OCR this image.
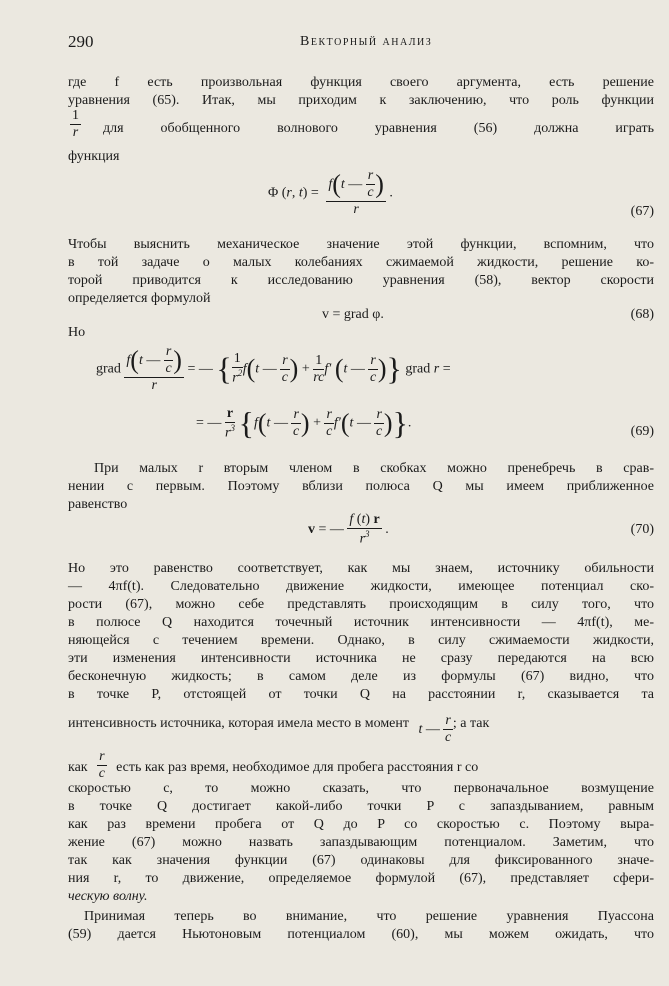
290	Векторный анализ
где f есть произвольная функция своего аргумента, есть решение
уравнения (65). Итак, мы приходим к заключению, что роль функции
$\frac{1}{r}$ для обобщенного волнового уравнения (56) должна играть
функция
Φ (r, $t) = \frac{f(t — \frac{r}{c} )}{r}$ .
(67)
Чтобы выяснить механическое значение этой функции, вспомним, что
в той задаче о малых колебаниях сжимаемой жидкости, решение ко-
торой приводится к исследованию уравнения (58), вектор скорости
определяется формулой
v = grad φ.	(68)
Но
grad $\frac{f(t — \frac{r}{c} )}{r}$ = — { $\frac{1}{r^2} f(t$ — $\frac{r}{c}$ ) + $\frac{1}{rc} f'$ (t — $\frac{r}{c}$ )} grad r =
= — $\frac{r}{r^3} \{f(t$ — $\frac{r}{c}$ ) + $\frac{r}{c} f'(t$ — $\frac{r}{c}$ )}.
(69)
При малых r вторым членом в скобках можно пренебречь в срав-
нении с первым. Поэтому вблизи полюса Q мы имеем приближенное
равенство
v = — $\frac{f (t) r}{r^3}$ .	(70)
Но это равенство соответствует, как мы знаем, источнику обильности
— 4πf(t). Следовательно движение жидкости, имеющее потенциал ско-
рости (67), можно себе представлять происходящим в силу того, что
в полюсе Q находится точечный источник интенсивности — 4πf(t), ме-
няющейся с течением времени. Однако, в силу сжимаемости жидкости,
эти изменения интенсивности источника не сразу передаются на всю
бесконечную жидкость; в самом деле из формулы (67) видно, что
в точке P, отстоящей от точки Q на расстоянии r, сказывается та
интенсивность источника, которая имела место в момент t — $\frac{r}{c}$ ; а так
как $\frac{r}{c}$ есть как раз время, необходимое для пробега расстояния r со
скоростью c, то можно сказать, что первоначальное возмущение
в точке Q достигает какой-либо точки P с запаздыванием, равным
как раз времени пробега от Q до P со скоростью c. Поэтому выра-
жение (67) можно назвать запаздывающим потенциалом. Заметим, что
так как значения функции (67) одинаковы для фиксированного значе-
ния r, то движение, определяемое формулой (67), представляет сфери-
ческую волну.
Принимая теперь во внимание, что решение уравнения Пуассона
(59) дается Ньютоновым потенциалом (60), мы можем ожидать, что
